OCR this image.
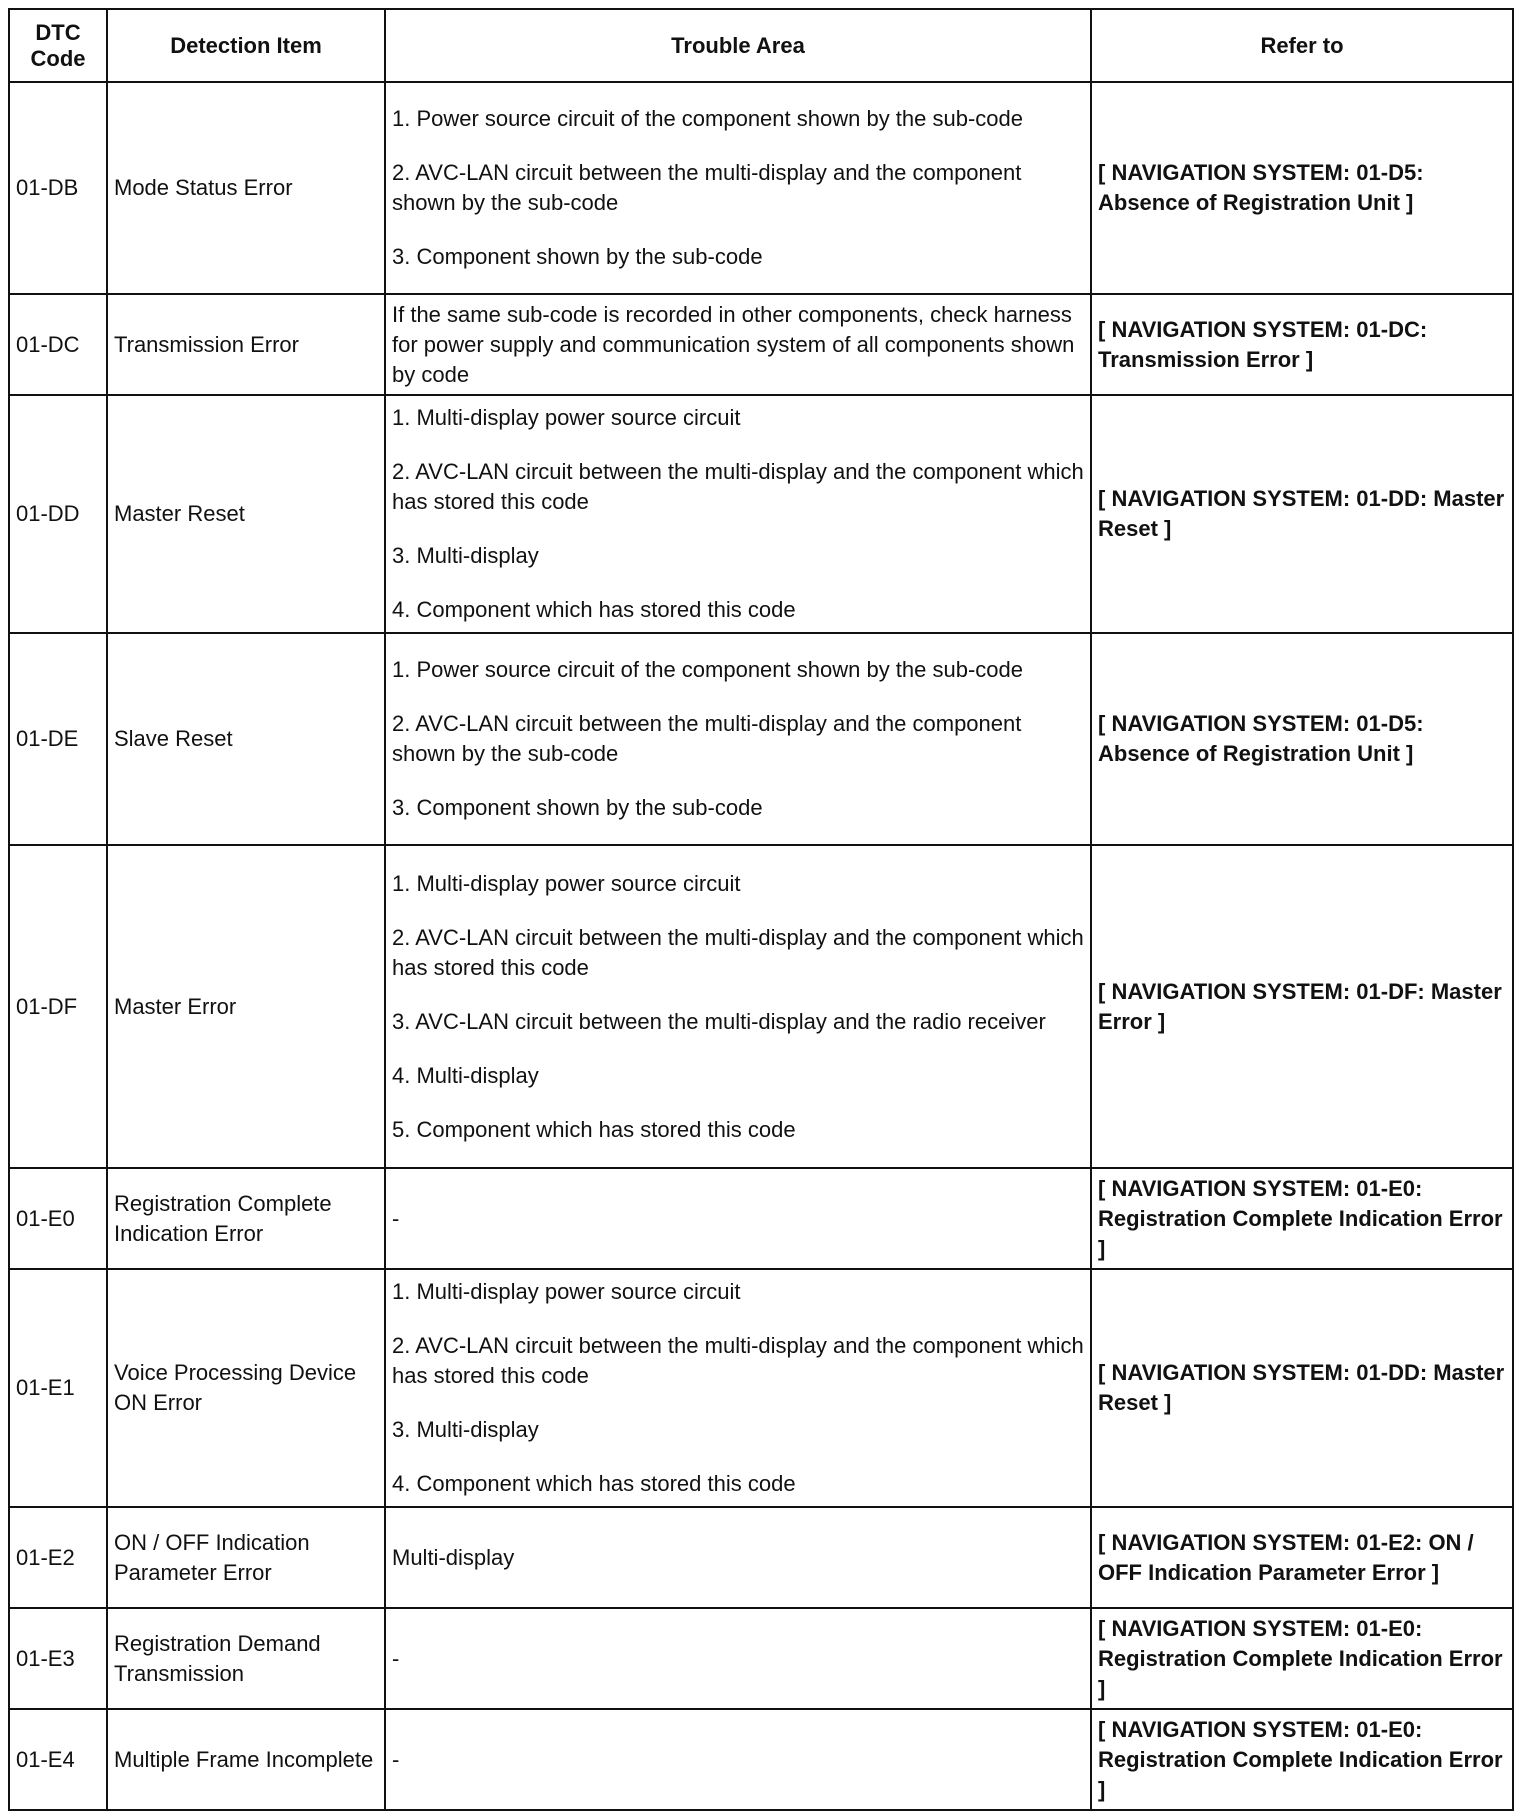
DTC Code	Detection Item	Trouble Area	Refer to
01-DB	Mode Status Error	1. Power source circuit of the component shown by the sub-code

2. AVC-LAN circuit between the multi-display and the component shown by the sub-code

3. Component shown by the sub-code	[ NAVIGATION SYSTEM: 01-D5: Absence of Registration Unit ]
01-DC	Transmission Error	If the same sub-code is recorded in other components, check harness for power supply and communication system of all components shown by code	[ NAVIGATION SYSTEM: 01-DC: Transmission Error ]
01-DD	Master Reset	1. Multi-display power source circuit

2. AVC-LAN circuit between the multi-display and the component which has stored this code

3. Multi-display

4. Component which has stored this code	[ NAVIGATION SYSTEM: 01-DD: Master Reset ]
01-DE	Slave Reset	1. Power source circuit of the component shown by the sub-code

2. AVC-LAN circuit between the multi-display and the component shown by the sub-code

3. Component shown by the sub-code	[ NAVIGATION SYSTEM: 01-D5: Absence of Registration Unit ]
01-DF	Master Error	1. Multi-display power source circuit

2. AVC-LAN circuit between the multi-display and the component which has stored this code

3. AVC-LAN circuit between the multi-display and the radio receiver

4. Multi-display

5. Component which has stored this code	[ NAVIGATION SYSTEM: 01-DF: Master Error ]
01-E0	Registration Complete Indication Error	-	[ NAVIGATION SYSTEM: 01-E0: Registration Complete Indication Error ]
01-E1	Voice Processing Device ON Error	1. Multi-display power source circuit

2. AVC-LAN circuit between the multi-display and the component which has stored this code

3. Multi-display

4. Component which has stored this code	[ NAVIGATION SYSTEM: 01-DD: Master Reset ]
01-E2	ON / OFF Indication Parameter Error	Multi-display	[ NAVIGATION SYSTEM: 01-E2: ON / OFF Indication Parameter Error ]
01-E3	Registration Demand Transmission	-	[ NAVIGATION SYSTEM: 01-E0: Registration Complete Indication Error ]
01-E4	Multiple Frame Incomplete	-	[ NAVIGATION SYSTEM: 01-E0: Registration Complete Indication Error ]
